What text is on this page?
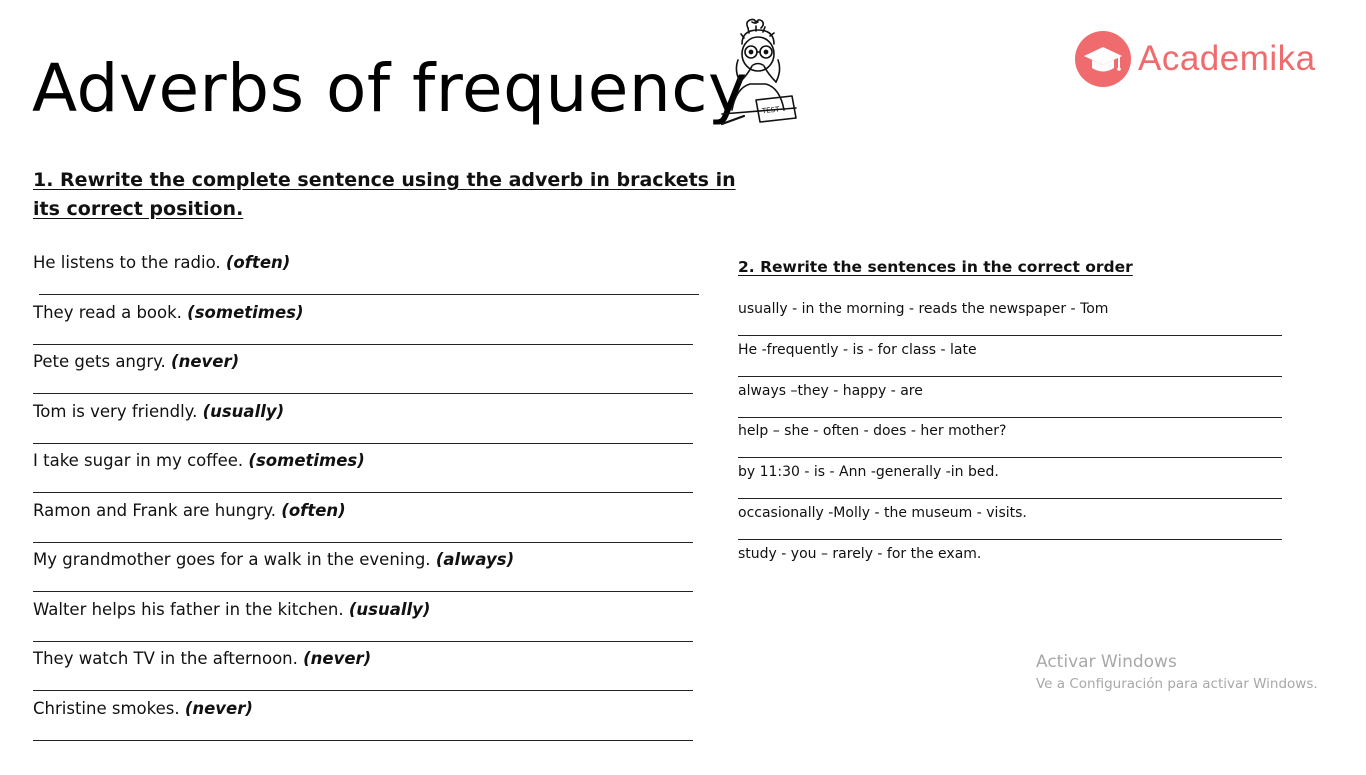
Adverbs of frequency TEST
Academika
1. Rewrite the complete sentence using the adverb in brackets in its correct position.
He listens to the radio. (often)
They read a book. (sometimes)
Pete gets angry. (never)
Tom is very friendly. (usually)
I take sugar in my coffee. (sometimes)
Ramon and Frank are hungry. (often)
My grandmother goes for a walk in the evening. (always)
Walter helps his father in the kitchen. (usually)
They watch TV in the afternoon. (never)
Christine smokes. (never)
2. Rewrite the sentences in the correct order
usually - in the morning - reads the newspaper - Tom
He -frequently - is - for class - late
always –they - happy - are
help – she - often - does - her mother?
by 11:30 - is - Ann -generally -in bed.
occasionally -Molly - the museum - visits.
study - you – rarely - for the exam.
Activar Windows
Ve a Configuración para activar Windows.
